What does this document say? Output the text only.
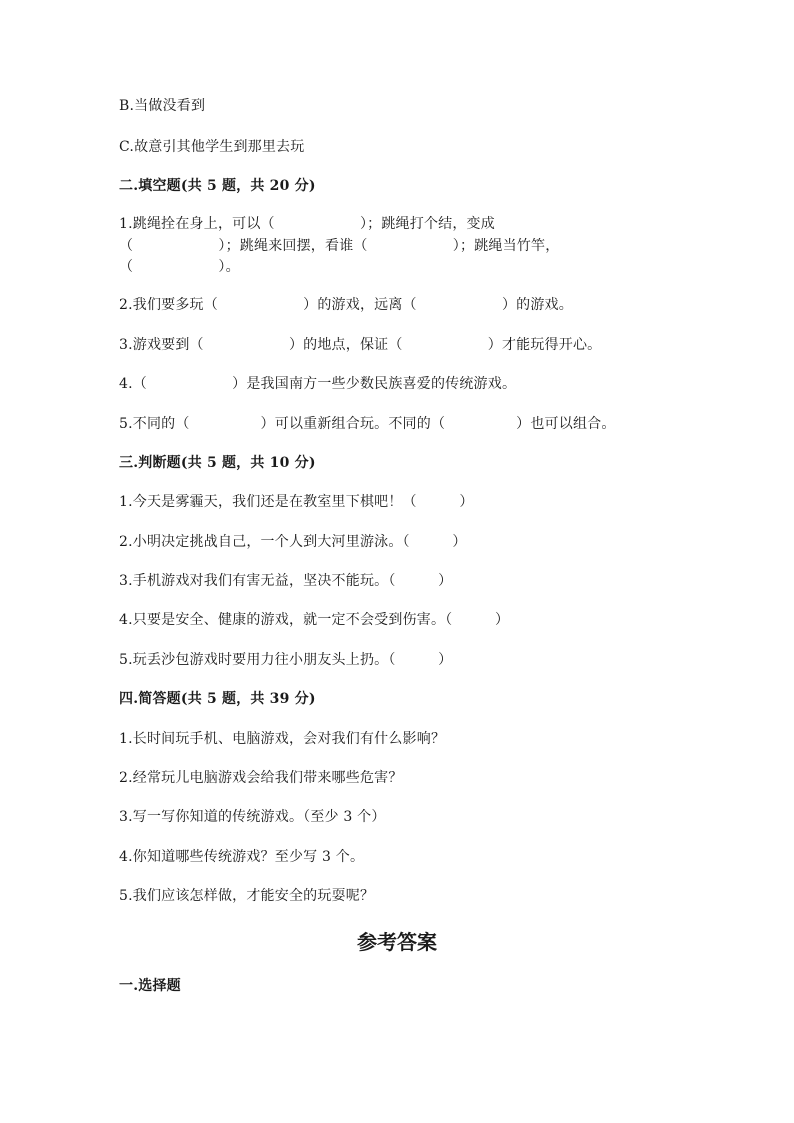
B.当做没看到
C.故意引其他学生到那里去玩
二.填空题(共 5 题，共 20 分)
1.跳绳拴在身上，可以（　　　　　　）；跳绳打个结，变成
（　　　　　　）；跳绳来回摆，看谁（　　　　　　）；跳绳当竹竿，
（　　　　　　）。
2.我们要多玩（　　　　　　）的游戏，远离（　　　　　　）的游戏。
3.游戏要到（　　　　　　）的地点，保证（　　　　　　）才能玩得开心。
4.（　　　　　　）是我国南方一些少数民族喜爱的传统游戏。
5.不同的（　　　　　）可以重新组合玩。不同的（　　　　　）也可以组合。
三.判断题(共 5 题，共 10 分)
1.今天是雾霾天，我们还是在教室里下棋吧！（　　　）
2.小明决定挑战自己，一个人到大河里游泳。（　　　）
3.手机游戏对我们有害无益，坚决不能玩。（　　　）
4.只要是安全、健康的游戏，就一定不会受到伤害。（　　　）
5.玩丢沙包游戏时要用力往小朋友头上扔。（　　　）
四.简答题(共 5 题，共 39 分)
1.长时间玩手机、电脑游戏，会对我们有什么影响？
2.经常玩儿电脑游戏会给我们带来哪些危害？
3.写一写你知道的传统游戏。（至少 3 个）
4.你知道哪些传统游戏？至少写 3 个。
5.我们应该怎样做，才能安全的玩耍呢？
参考答案
一.选择题
